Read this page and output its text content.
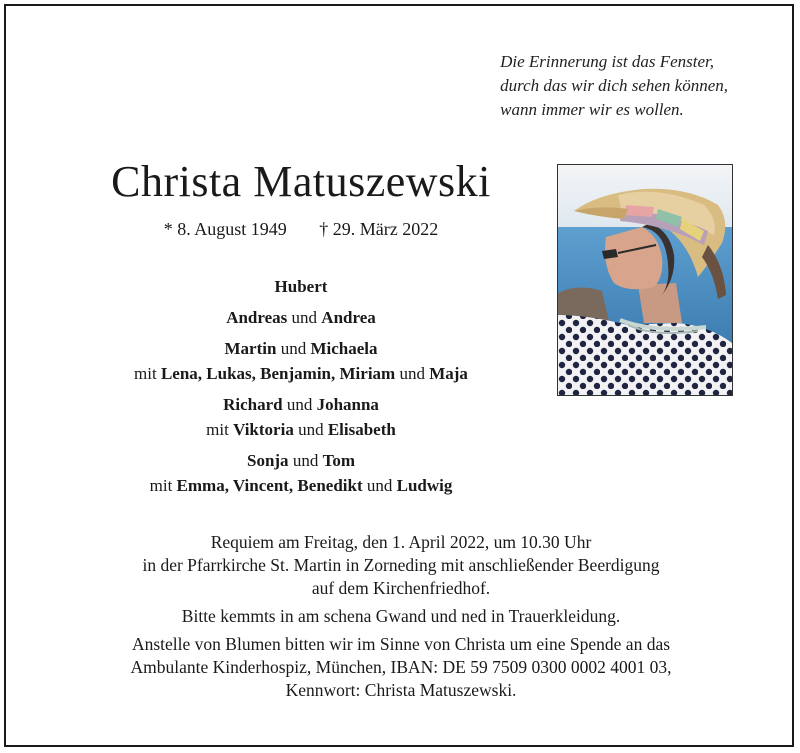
Die Erinnerung ist das Fenster,
durch das wir dich sehen können,
wann immer wir es wollen.
Christa Matuszewski
* 8. August 1949 † 29. März 2022
Hubert
Andreas und Andrea
Martin und Michaela
mit Lena, Lukas, Benjamin, Miriam und Maja
Richard und Johanna
mit Viktoria und Elisabeth
Sonja und Tom
mit Emma, Vincent, Benedikt und Ludwig
Requiem am Freitag, den 1. April 2022, um 10.30 Uhr
in der Pfarrkirche St. Martin in Zorneding mit anschließender Beerdigung
auf dem Kirchenfriedhof.
Bitte kemmts in am schena Gwand und ned in Trauerkleidung.
Anstelle von Blumen bitten wir im Sinne von Christa um eine Spende an das
Ambulante Kinderhospiz, München, IBAN: DE 59 7509 0300 0002 4001 03,
Kennwort: Christa Matuszewski.
